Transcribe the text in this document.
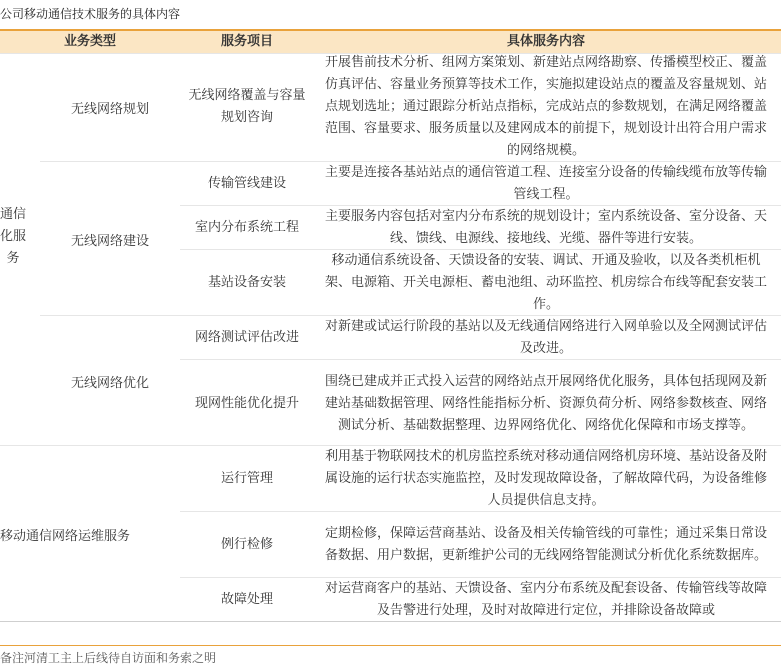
公司移动通信技术服务的具体内容
业务类型	服务项目	具体服务内容
通信
化服
务
移动通信网络运维服务
无线网络规划
无线网络建设
无线网络优化
无线网络覆盖与容量规划咨询
开展售前技术分析、组网方案策划、新建站点网络勘察、传播模型校正、覆盖仿真评估、容量业务预算等技术工作，实施拟建设站点的覆盖及容量规划、站点规划选址；通过跟踪分析站点指标，完成站点的参数规划，在满足网络覆盖范围、容量要求、服务质量以及建网成本的前提下，规划设计出符合用户需求的网络规模。
传输管线建设
主要是连接各基站站点的通信管道工程、连接室分设备的传输线缆布放等传输管线工程。
室内分布系统工程
主要服务内容包括对室内分布系统的规划设计；室内系统设备、室分设备、天线、馈线、电源线、接地线、光缆、器件等进行安装。
基站设备安装
移动通信系统设备、天馈设备的安装、调试、开通及验收，以及各类机柜机架、电源箱、开关电源柜、蓄电池组、动环监控、机房综合布线等配套安装工作。
网络测试评估改进
对新建或试运行阶段的基站以及无线通信网络进行入网单验以及全网测试评估及改进。
现网性能优化提升
围绕已建成并正式投入运营的网络站点开展网络优化服务，具体包括现网及新建站基础数据管理、网络性能指标分析、资源负荷分析、网络参数核查、网络测试分析、基础数据整理、边界网络优化、网络优化保障和市场支撑等。
运行管理
利用基于物联网技术的机房监控系统对移动通信网络机房环境、基站设备及附属设施的运行状态实施监控，及时发现故障设备，了解故障代码，为设备维修人员提供信息支持。
例行检修
定期检修，保障运营商基站、设备及相关传输管线的可靠性；通过采集日常设备数据、用户数据，更新维护公司的无线网络智能测试分析优化系统数据库。
故障处理
对运营商客户的基站、天馈设备、室内分布系统及配套设备、传输管线等故障及告警进行处理，及时对故障进行定位，并排除设备故障或
备注河清工主上后线待自访面和务索之明
